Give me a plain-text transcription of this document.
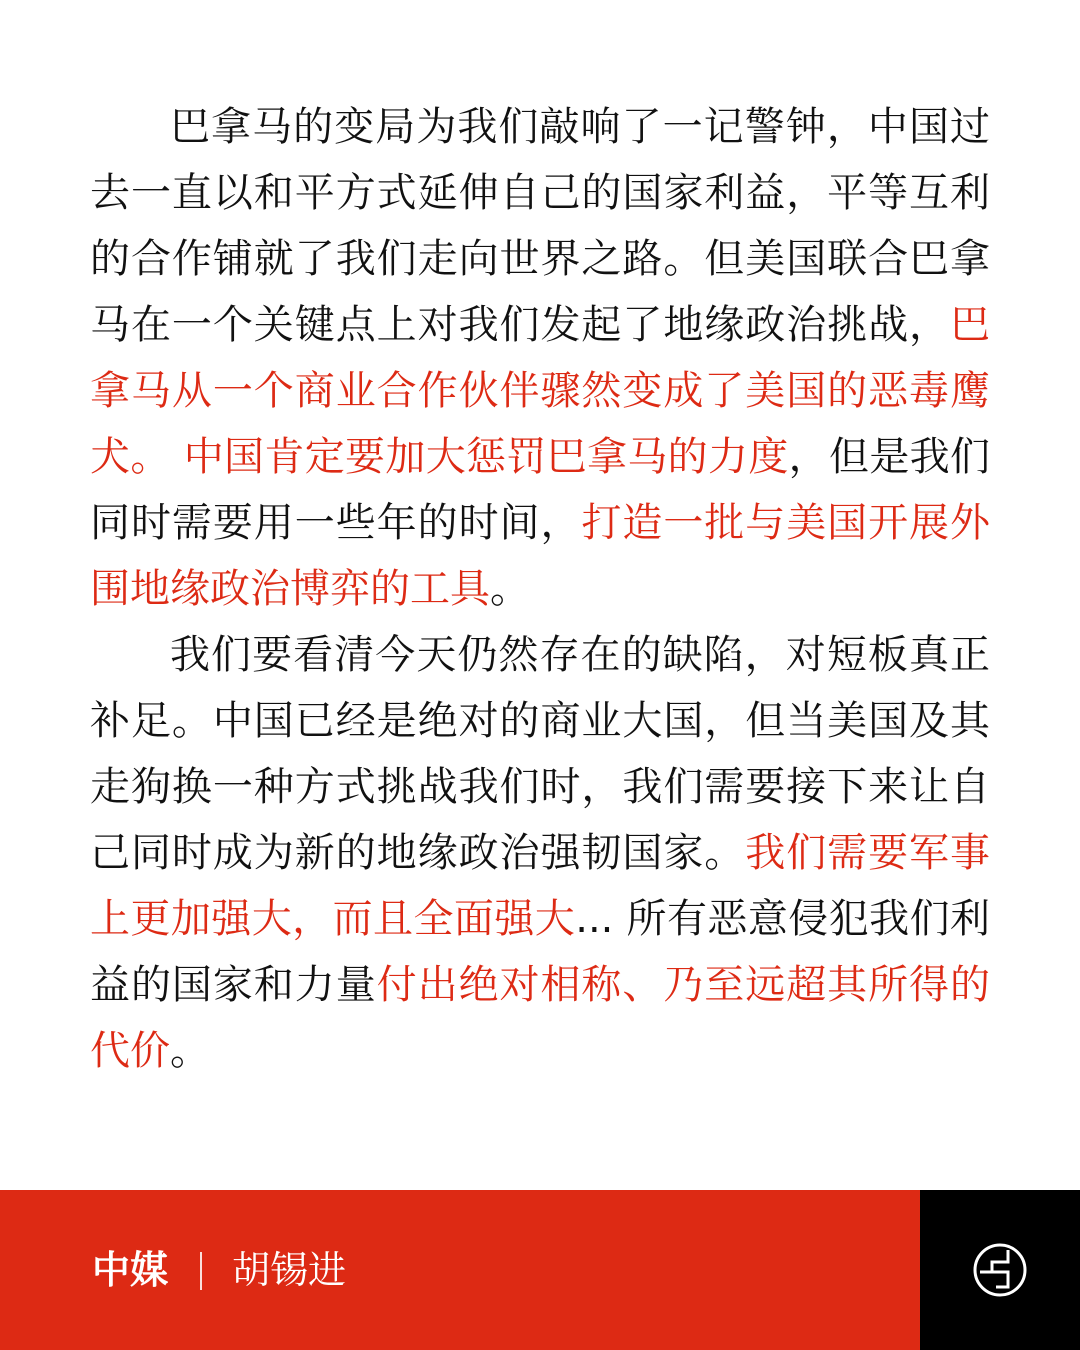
巴拿马的变局为我们敲响了一记警钟，中国过去一直以和平方式延伸自己的国家利益，平等互利的合作铺就了我们走向世界之路。但美国联合巴拿马在一个关键点上对我们发起了地缘政治挑战，巴拿马从一个商业合作伙伴骤然变成了美国的恶毒鹰犬。 中国肯定要加大惩罚巴拿马的力度，但是我们同时需要用一些年的时间，打造一批与美国开展外围地缘政治博弈的工具。

我们要看清今天仍然存在的缺陷，对短板真正补足。中国已经是绝对的商业大国，但当美国及其走狗换一种方式挑战我们时，我们需要接下来让自己同时成为新的地缘政治强韧国家。我们需要军事上更加强大，而且全面强大... 所有恶意侵犯我们利益的国家和力量付出绝对相称、乃至远超其所得的代价。

中媒 胡锡进
